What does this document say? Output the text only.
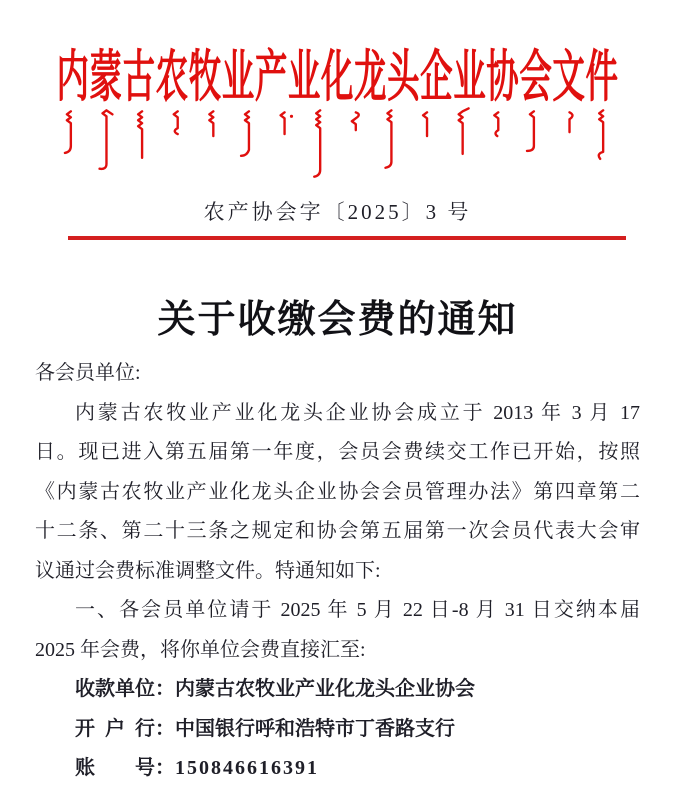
内蒙古农牧业产业化龙头企业协会文件
农产协会字〔2025〕3 号
关于收缴会费的通知
各会员单位:
内蒙古农牧业产业化龙头企业协会成立于 2013 年 3 月 17
日。现已进入第五届第一年度，会员会费续交工作已开始，按照
《内蒙古农牧业产业化龙头企业协会会员管理办法》第四章第二
十二条、第二十三条之规定和协会第五届第一次会员代表大会审
议通过会费标准调整文件。特通知如下:
一、各会员单位请于 2025 年 5 月 22 日-8 月 31 日交纳本届
2025 年会费，将你单位会费直接汇至:
收款单位：内蒙古农牧业产业化龙头企业协会
开户行：中国银行呼和浩特市丁香路支行
账号：150846616391
